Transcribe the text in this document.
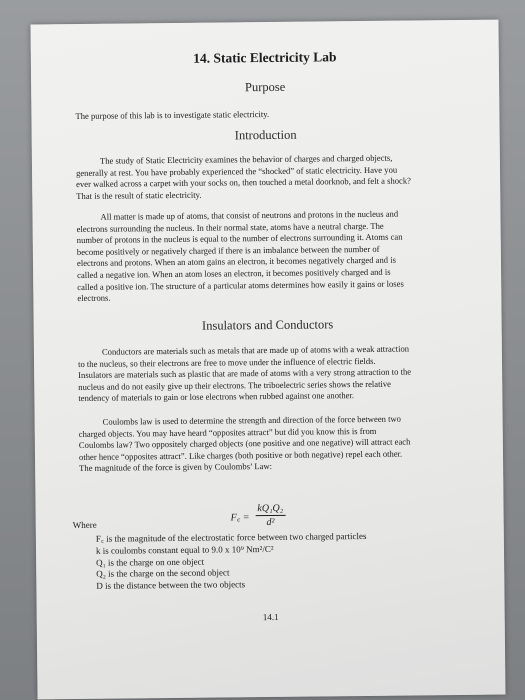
14. Static Electricity Lab
Purpose
The purpose of this lab is to investigate static electricity.
Introduction
The study of Static Electricity examines the behavior of charges and charged objects,
generally at rest. You have probably experienced the “shocked” of static electricity. Have you
ever walked across a carpet with your socks on, then touched a metal doorknob, and felt a shock?
That is the result of static electricity.
All matter is made up of atoms, that consist of neutrons and protons in the nucleus and
electrons surrounding the nucleus. In their normal state, atoms have a neutral charge. The
number of protons in the nucleus is equal to the number of electrons surrounding it. Atoms can
become positively or negatively charged if there is an imbalance between the number of
electrons and protons. When an atom gains an electron, it becomes negatively charged and is
called a negative ion. When an atom loses an electron, it becomes positively charged and is
called a positive ion. The structure of a particular atoms determines how easily it gains or loses
electrons.
Insulators and Conductors
Conductors are materials such as metals that are made up of atoms with a weak attraction
to the nucleus, so their electrons are free to move under the influence of electric fields.
Insulators are materials such as plastic that are made of atoms with a very strong attraction to the
nucleus and do not easily give up their electrons. The triboelectric series shows the relative
tendency of materials to gain or lose electrons when rubbed against one another.
Coulombs law is used to determine the strength and direction of the force between two
charged objects. You may have heard “opposites attract” but did you know this is from
Coulombs law? Two oppositely charged objects (one positive and one negative) will attract each
other hence “opposites attract”. Like charges (both positive or both negative) repel each other.
The magnitude of the force is given by Coulombs’ Law:
F꜀ = $\frac{\text{kQ₁Q₂}}{\text{d²}}$
Where
F꜀ is the magnitude of the electrostatic force between two charged particles
k is coulombs constant equal to 9.0 x 10⁹ Nm²/C²
Q₁ is the charge on one object
Q₂ is the charge on the second object
D is the distance between the two objects
14.1
